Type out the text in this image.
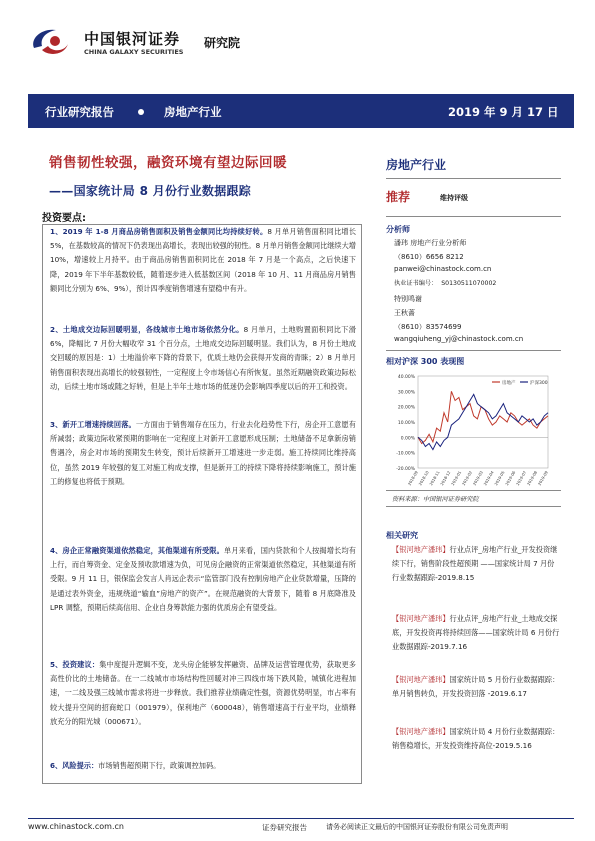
中国银河证券
CHINA GALAXY SECURITIES
研究院
行业研究报告	房地产行业	2019 年 9 月 17 日
销售韧性较强，融资环境有望边际回暖
——国家统计局 8 月份行业数据跟踪
投资要点:
1、2019 年 1-8 月商品房销售面积及销售金额同比均持续好转。8 月单月销售面积同比增长 5%，在基数较高的情况下仍表现出高增长，表现出较强的韧性。8 月单月销售金额同比继续大增 10%，增速较上月持平。由于商品房销售面积同比在 2018 年 7 月是一个高点，之后快速下降，2019 年下半年基数较低，随着逐步进入低基数区间（2018 年 10 月、11 月商品房月销售额同比分别为 6%、9%），预计四季度销售增速有望稳中有升。
2、土地成交边际回暖明显，各线城市土地市场依然分化。8 月单月，土地购置面积同比下滑 6%，降幅比 7 月份大幅收窄 31 个百分点，土地成交边际回暖明显。我们认为，8 月份土地成交回暖的原因是：1）土地溢价率下降的背景下，优质土地仍会获得开发商的青睐；2）8 月单月销售面积表现出高增长的较强韧性，一定程度上令市场信心有所恢复。虽然近期融资政策边际松动，后续土地市场或随之好转，但是上半年土地市场的低迷仍会影响四季度以后的开工和投资。
3、新开工增速持续回落。一方面由于销售端存在压力，行业去化趋势性下行，房企开工意愿有所减弱；政策边际收紧预期的影响在一定程度上对新开工意愿形成压制；土地储备不足拿新房销售遇冷，房企对市场的预期发生转变，预计后续新开工增速进一步走弱。施工持续同比维持高位，虽然 2019 年较强的复工对施工构成支撑，但是新开工的持续下降将持续影响施工，预计施工的修复也将低于预期。
4、房企正常融资渠道依然稳定，其他渠道有所受限。单月来看，国内贷款和个人按揭增长均有上行，而自筹资金、定金及预收款增速为负，可见房企融资的正常渠道依然稳定，其他渠道有所受限。9 月 11 日，银保监会发言人肖远企表示“监管部门没有控制房地产企业贷款增量，压降的是通过表外资金，违规绕道“输血”房地产的资产”。在规范融资的大背景下，随着 8 月底降准及 LPR 调整，预期后续高信用、企业自身筹款能力强的优质房企有望受益。
5、投资建议：集中度提升逻辑不变，龙头房企能够发挥融资、品牌及运营管理优势，获取更多高性价比的土地储备。在一二线城市市场结构性回暖对冲三四线市场下跌风险，城镇化进程加速，一二线及强三线城市需求将进一步释放。我们推荐业绩确定性强，资源优势明显，市占率有较大提升空间的招商蛇口（001979），保利地产（600048），销售增速高于行业平均，业绩释放充分的阳光城（000671）。
6、风险提示：市场销售超预期下行，政策调控加码。
房地产行业
推荐	维持评级
分析师
潘玮 房地产行业分析师
（8610）6656 8212
panwei@chinastock.com.cn
执业证书编号： S0130511070002
特别鸣谢
王秋蔷
（8610）83574699
wangqiuheng_yj@chinastock.com.cn
相对沪深 300 表现图
40.00%
30.00%
20.00%
10.00%
0.00%
-10.00%
-20.00%
2018-09
2018-10
2018-11
2018-12
2019-01
2019-02
2019-03
2019-04
2019-05
2019-06
2019-07
2019-08
2019-09
房地产	沪深300
资料来源：中国银河证券研究院
相关研究
【银河地产潘玮】行业点评_房地产行业_开发投资继续下行，销售阶段性超预期 ——国家统计局 7 月份行业数据跟踪-2019.8.15
【银河地产潘玮】行业点评_房地产行业_土地成交探底，开发投资再将持续回落——国家统计局 6 月份行业数据跟踪-2019.7.16
【银河地产潘玮】国家统计局 5 月份行业数据跟踪：单月销售转负，开发投资回落 -2019.6.17
【银河地产潘玮】国家统计局 4 月份行业数据跟踪：销售稳增长，开发投资维持高位-2019.5.16
www.chinastock.com.cn	证券研究报告	请务必阅读正文最后的中国银河证券股份有限公司免责声明
